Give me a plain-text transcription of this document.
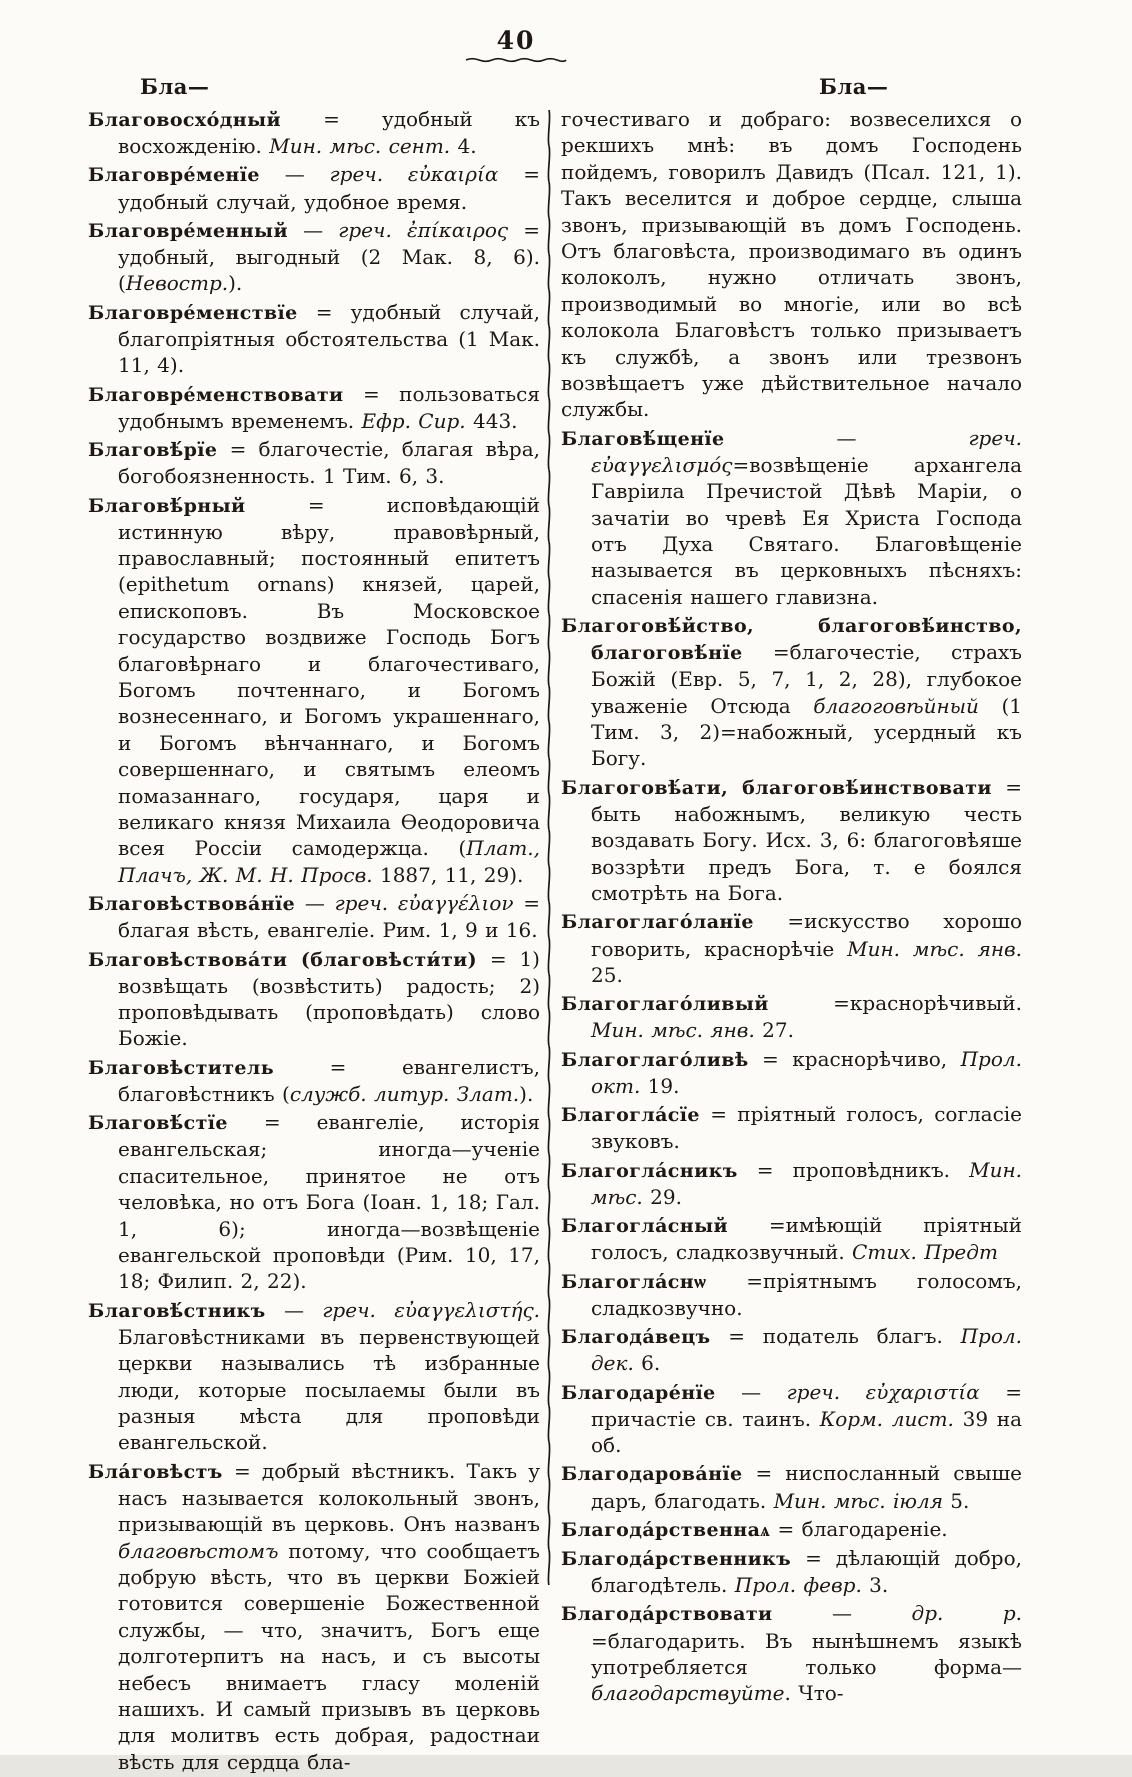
40
Бла—

Благовосхо́дный = удобный къ восхожденію. Мин. мѣс. сент. 4.

Благовре́менїе — греч. εὐκαιρία = удобный случай, удобное время.

Благовре́менный — греч. ἐπίκαιρος = удобный, выгодный (2 Мак. 8, 6). (Невостр.).

Благовре́менствїе = удобный случай, благопріятныя обстоятельства (1 Мак. 11, 4).

Благовре́менствовати = пользоваться удобнымъ временемъ. Ефр. Сир. 443.

Благовѣ́рїе = благочестіе, благая вѣра, богобоязненность. 1 Тим. 6, 3.

Благовѣ́рный	= исповѣдающій истинную вѣру, правовѣрный, православный; постоянный епитетъ (epithetum ornans) князей, царей, епископовъ. Въ Московское государство воздвиже Господь Богъ благовѣрнаго и благочестиваго, Богомъ почтеннаго, и Богомъ вознесеннаго, и Богомъ украшеннаго, и Богомъ вѣнчаннаго, и Богомъ совершеннаго, и святымъ елеомъ помазаннаго, государя, царя и великаго князя Михаила Ѳеодоровича всея Россіи самодержца. (Плат., Плачъ, Ж. М. Н. Просв. 1887, 11, 29).

Благовѣствова́нїе — греч. εὐαγγέλιον = благая вѣсть, евангеліе. Рим. 1, 9 и 16.

Благовѣствова́ти (благовѣсти́ти) = 1) возвѣщать (возвѣстить) радость; 2) проповѣдывать (проповѣдать) слово Божіе.

Благовѣститель	= евангелистъ, благовѣстникъ (служб. литур. Злат.).

Благовѣ́стїе = евангеліе, исторія евангельская; иногда—ученіе спасительное, принятое не отъ человѣка, но отъ Бога (Іоан. 1, 18; Гал. 1, 6); иногда—возвѣщеніе евангельской проповѣди (Рим. 10, 17, 18; Филип. 2, 22).

Благовѣ́стникъ — греч. εὐαγγελιστής. Благовѣстниками въ первенствующей церкви назывались тѣ избранные люди, которые посылаемы были въ разныя мѣста для проповѣди евангельской.

Бла́говѣстъ = добрый вѣстникъ. Такъ у насъ называется колокольный звонъ, призывающій въ церковь. Онъ названъ благовѣстомъ потому, что сообщаетъ добрую вѣсть, что въ церкви Божіей готовится совершеніе Божественной службы, — что, значитъ, Богъ еще долготерпитъ на насъ, и съ высоты небесъ внимаетъ гласу моленій нашихъ. И самый призывъ въ церковь для молитвъ есть добрая, радостнаи вѣсть для сердца бла-

Бла—

гочестиваго и добраго: возвеселихся о рекшихъ мнѣ: въ домъ Господень пойдемъ, говорилъ Давидъ (Псал. 121, 1). Такъ веселится и доброе сердце, слыша звонъ, призывающій въ домъ Господень. Отъ благовѣста, производимаго въ одинъ колоколъ, нужно отличать звонъ, производимый во многіе, или во всѣ колокола Благовѣстъ только призываетъ къ службѣ, а звонъ или трезвонъ возвѣщаетъ уже дѣйствительное начало службы.

Благовѣ́щенїе	— греч. εὐαγγελισμός=возвѣщеніе архангела Гавріила Пречистой Дѣвѣ Маріи, о зачатіи во чревѣ Ея Христа Господа отъ Духа Святаго. Благовѣщеніе называется въ церковныхъ пѣсняхъ: спасенія нашего главизна.

Благоговѣ́йство, благоговѣ́инство, благоговѣ́нїе =благочестіе, страхъ Божій (Евр. 5, 7, 1, 2, 28), глубокое уваженіе Отсюда благоговѣйный (1 Тим. 3, 2)=набожный, усердный къ Богу.

Благоговѣ́ати, благоговѣ́инствовати = быть набожнымъ, великую честь воздавать Богу. Исх. 3, 6: благоговѣяше воззрѣти предъ Бога, т. е боялся смотрѣть на Бога.

Благоглаго́ланїе =искусство хорошо говорить, краснорѣчіе Мин. мѣс. янв. 25.

Благоглаго́ливый	=краснорѣчивый. Мин. мѣс. янв. 27.

Благоглаго́ливѣ = краснорѣчиво, Прол. окт. 19.

Благогла́сїе = пріятный голосъ, согласіе звуковъ.

Благогла́сникъ = проповѣдникъ. Мин. мѣс. 29.

Благогла́сный =имѣющій пріятный голосъ, сладкозвучный. Стих. Предт

Благогла́снѡ =пріятнымъ голосомъ, сладкозвучно.

Благода́вецъ = податель благъ. Прол. дек. 6.

Благодаре́нїе — греч. εὐχαριστία = причастіе св. таинъ. Корм. лист. 39 на об.

Благодарова́нїе = ниспосланный свыше даръ, благодать. Мин. мѣс. іюля 5.

Благода́рственнаѧ = благодареніе.

Благода́рственникъ = дѣлающій добро, благодѣтель. Прол. февр. 3.

Благода́рствовати	— др. р. =благодарить. Въ нынѣшнемъ языкѣ употребляется только форма—благодарствуйте. Что-
